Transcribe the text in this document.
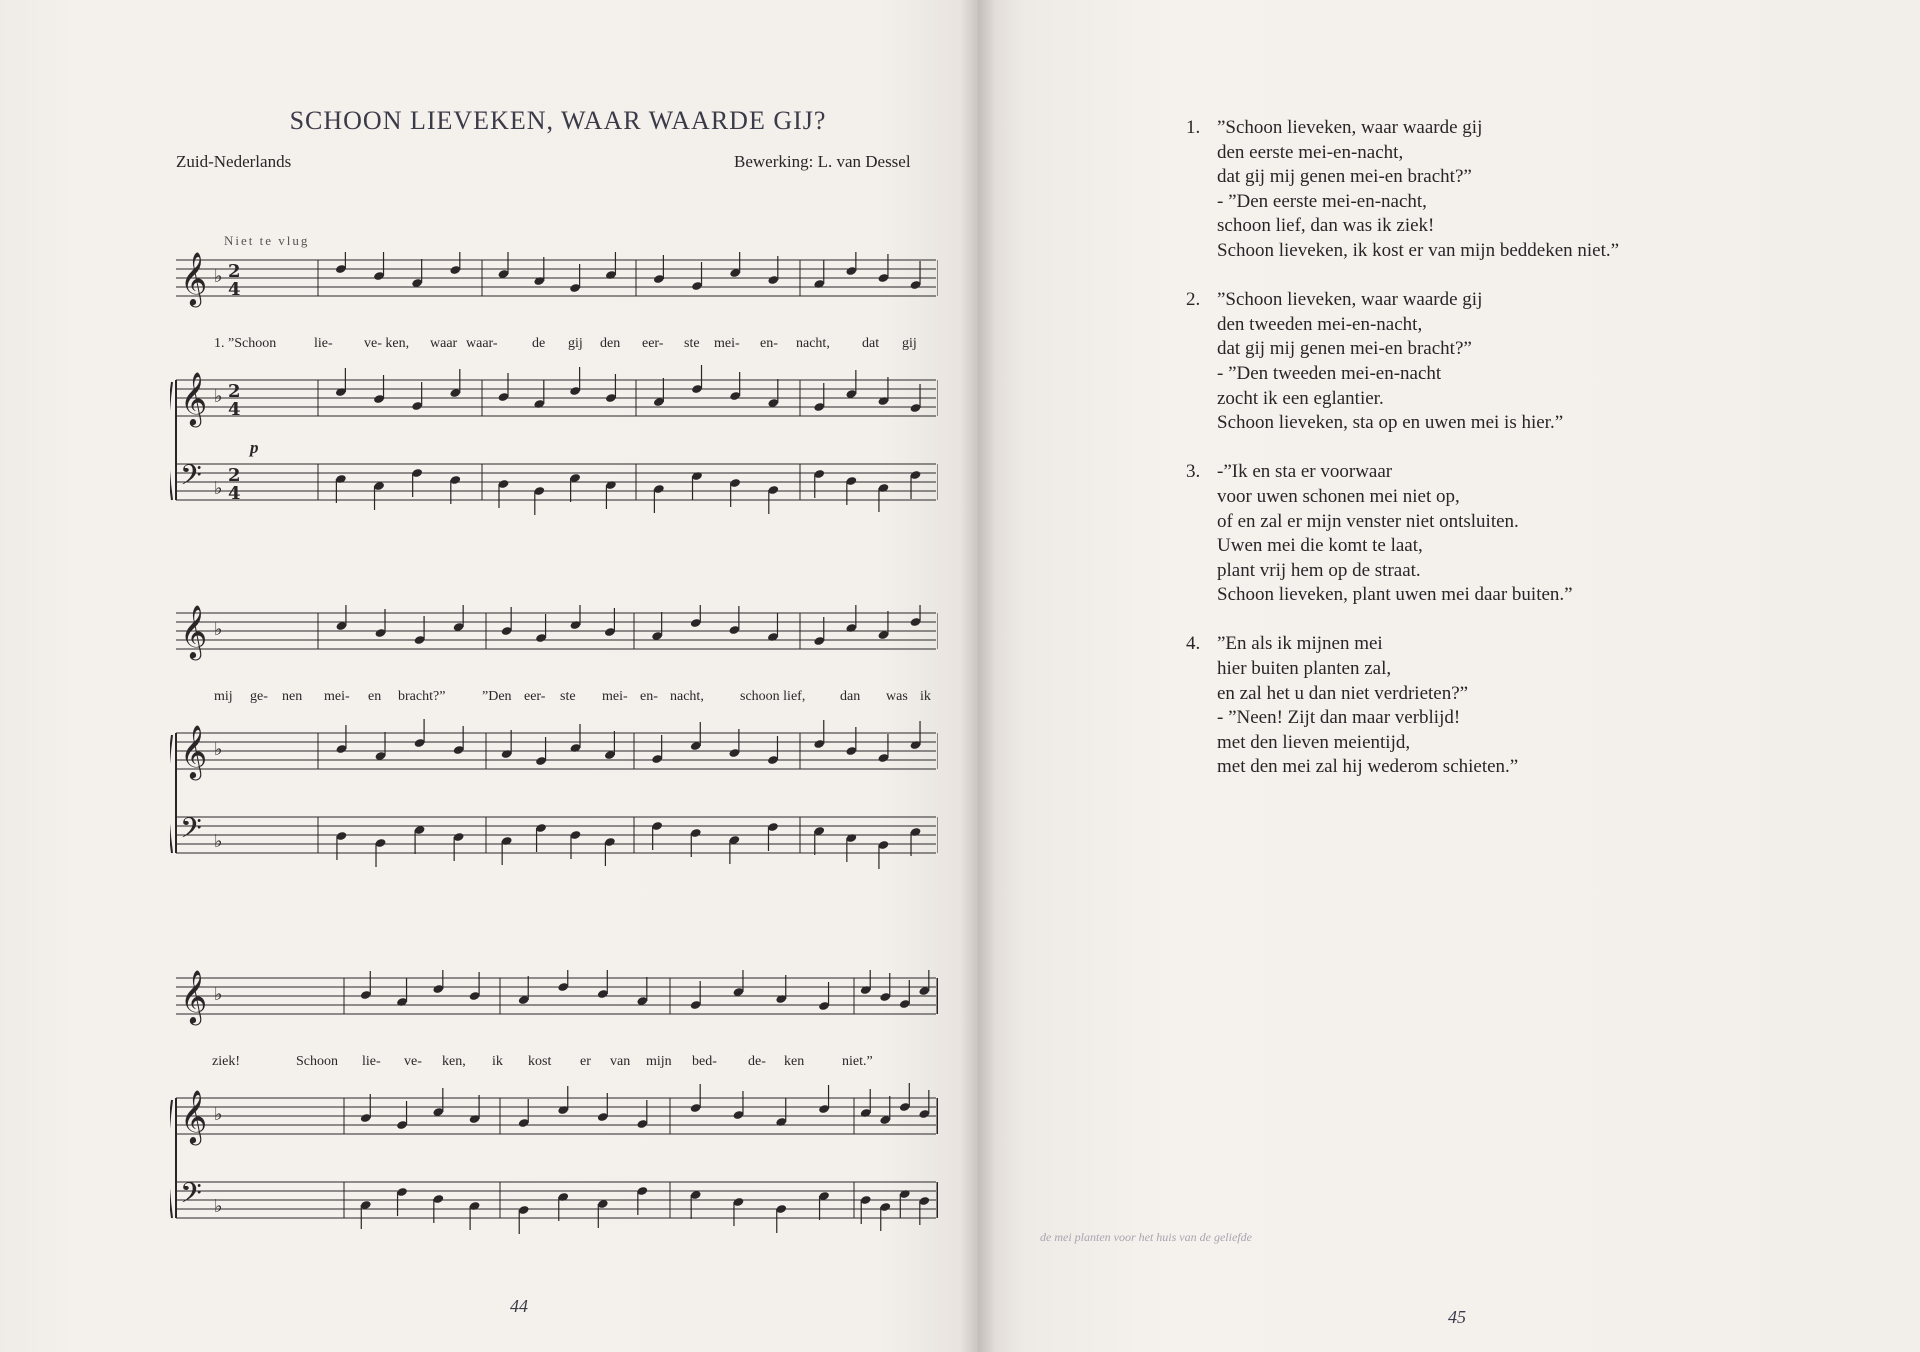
SCHOON LIEVEKEN, WAAR WAARDE GIJ?
Zuid-Nederlands	Bewerking: L. van Dessel
Niet te vlug
𝄞 ♭ 2
4
𝄞 ♭ 2
4
𝄢 ♭
2
4
1. ”Schoon	lie- ve- ken, waar waar- de gij den eer- ste mei- en- nacht, dat gij
p
𝄞 ♭
𝄞 ♭
𝄢 ♭
mij ge- nen mei- en bracht?”	”Den eer- ste mei- en- nacht,	schoon lief, dan was ik
𝄞 ♭
𝄞 ♭
𝄢 ♭
ziek!	Schoon lie- ve- ken, ik kost er van mijn bed- de- ken	niet.”
44
1. ”Schoon lieveken, waar waarde gij
den eerste mei-en-nacht,
dat gij mij genen mei-en bracht?”
- ”Den eerste mei-en-nacht,
schoon lief, dan was ik ziek!
Schoon lieveken, ik kost er van mijn beddeken niet.”
2. ”Schoon lieveken, waar waarde gij
den tweeden mei-en-nacht,
dat gij mij genen mei-en bracht?”
- ”Den tweeden mei-en-nacht
zocht ik een eglantier.
Schoon lieveken, sta op en uwen mei is hier.”
3. -”Ik en sta er voorwaar
voor uwen schonen mei niet op,
of en zal er mijn venster niet ontsluiten.
Uwen mei die komt te laat,
plant vrij hem op de straat.
Schoon lieveken, plant uwen mei daar buiten.”
4. ”En als ik mijnen mei
hier buiten planten zal,
en zal het u dan niet verdrieten?”
- ”Neen! Zijt dan maar verblijd!
met den lieven meientijd,
met den mei zal hij wederom schieten.”
de mei planten voor het huis van de geliefde
45
